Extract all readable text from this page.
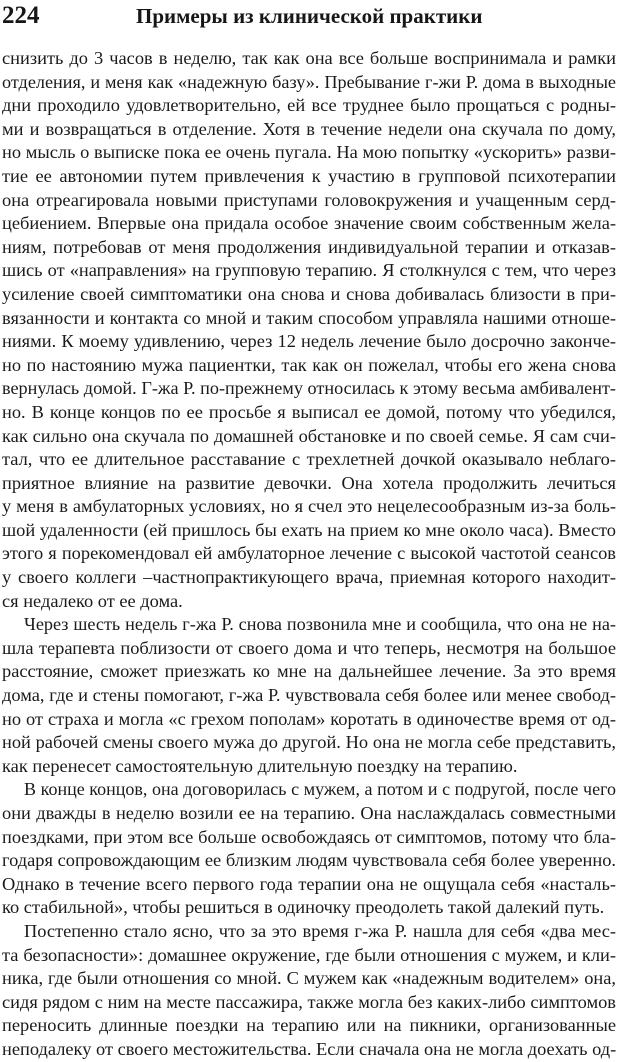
224	Примеры из клинической практики
снизить до 3 часов в неделю, так как она все больше воспринимала и рамки
отделения, и меня как «надежную базу». Пребывание г-жи Р. дома в выходные
дни проходило удовлетворительно, ей все труднее было прощаться с родны-
ми и возвращаться в отделение. Хотя в течение недели она скучала по дому,
но мысль о выписке пока ее очень пугала. На мою попытку «ускорить» разви-
тие ее автономии путем привлечения к участию в групповой психотерапии
она отреагировала новыми приступами головокружения и учащенным серд-
цебиением. Впервые она придала особое значение своим собственным жела-
ниям, потребовав от меня продолжения индивидуальной терапии и отказав-
шись от «направления» на групповую терапию. Я столкнулся с тем, что через
усиление своей симптоматики она снова и снова добивалась близости в при-
вязанности и контакта со мной и таким способом управляла нашими отноше-
ниями. К моему удивлению, через 12 недель лечение было досрочно закончe-
но по настоянию мужа пациентки, так как он пожелал, чтобы его жена снова
вернулась домой. Г-жа Р. по-прежнему относилась к этому весьма амбивалент-
но. В конце концов по ее просьбе я выписал ее домой, потому что убедился,
как сильно она скучала по домашней обстановке и по своей семье. Я сам счи-
тал, что ее длительное расставание с трехлетней дочкой оказывало неблаго-
приятное влияние на развитие девочки. Она хотела продолжить лечиться
у меня в амбулаторных условиях, но я счел это нецелесообразным из-за боль-
шой удаленности (ей пришлось бы ехать на прием ко мне около часа). Вместо
этого я порекомендовал ей амбулаторное лечение с высокой частотой сеансов
у своего коллеги –частнопрактикующего врача, приемная которого находит-
ся недалеко от ее дома.
Через шесть недель г-жа Р. снова позвонила мне и сообщила, что она не на-
шла терапевта поблизости от своего дома и что теперь, несмотря на большое
расстояние, сможет приезжать ко мне на дальнейшее лечение. За это время
дома, где и стены помогают, г-жа Р. чувствовала себя более или менее свобод-
но от страха и могла «с грехом пополам» коротать в одиночестве время от од-
ной рабочей смены своего мужа до другой. Но она не могла себе представить,
как перенесет самостоятельную длительную поездку на терапию.
В конце концов, она договорилась с мужем, а потом и с подругой, после чего
они дважды в неделю возили ее на терапию. Она наслаждалась совместными
поездками, при этом все больше освобождаясь от симптомов, потому что бла-
годаря сопровождающим ее близким людям чувствовала себя более уверенно.
Однако в течение всего первого года терапии она не ощущала себя «насталь-
ко стабильной», чтобы решиться в одиночку преодолеть такой далекий путь.
Постепенно стало ясно, что за это время г-жа Р. нашла для себя «два мес-
та безопасности»: домашнее окружение, где были отношения с мужем, и кли-
ника, где были отношения со мной. С мужем как «надежным водителем» она,
сидя рядом с ним на месте пассажира, также могла без каких-либо симптомов
переносить длинные поездки на терапию или на пикники, организованные
неподалеку от своего местожительства. Если сначала она не могла доехать од-
